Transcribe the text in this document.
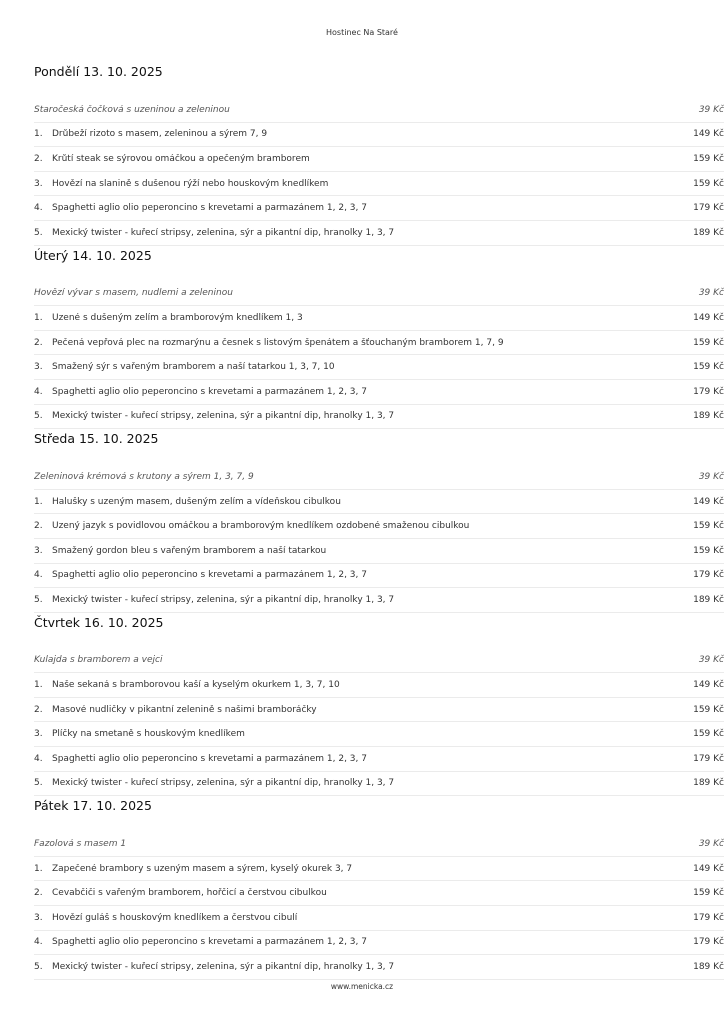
Hostinec Na Staré
Pondělí 13. 10. 2025
Staročeská čočková s uzeninou a zeleninou	39 Kč
1.	Drůbeží rizoto s masem, zeleninou a sýrem 7, 9	149 Kč
2.	Krůtí steak se sýrovou omáčkou a opečeným bramborem	159 Kč
3.	Hovězí na slanině s dušenou rýží nebo houskovým knedlíkem	159 Kč
4.	Spaghetti aglio olio peperoncino s krevetami a parmazánem 1, 2, 3, 7	179 Kč
5.	Mexický twister - kuřecí stripsy, zelenina, sýr a pikantní dip, hranolky 1, 3, 7	189 Kč
Úterý 14. 10. 2025
Hovězí vývar s masem, nudlemi a zeleninou	39 Kč
1.	Uzené s dušeným zelím a bramborovým knedlíkem 1, 3	149 Kč
2.	Pečená vepřová plec na rozmarýnu a česnek s listovým špenátem a šťouchaným bramborem 1, 7, 9	159 Kč
3.	Smažený sýr s vařeným bramborem a naší tatarkou 1, 3, 7, 10	159 Kč
4.	Spaghetti aglio olio peperoncino s krevetami a parmazánem 1, 2, 3, 7	179 Kč
5.	Mexický twister - kuřecí stripsy, zelenina, sýr a pikantní dip, hranolky 1, 3, 7	189 Kč
Středa 15. 10. 2025
Zeleninová krémová s krutony a sýrem 1, 3, 7, 9	39 Kč
1.	Halušky s uzeným masem, dušeným zelím a vídeňskou cibulkou	149 Kč
2.	Uzený jazyk s povidlovou omáčkou a bramborovým knedlíkem ozdobené smaženou cibulkou	159 Kč
3.	Smažený gordon bleu s vařeným bramborem a naší tatarkou	159 Kč
4.	Spaghetti aglio olio peperoncino s krevetami a parmazánem 1, 2, 3, 7	179 Kč
5.	Mexický twister - kuřecí stripsy, zelenina, sýr a pikantní dip, hranolky 1, 3, 7	189 Kč
Čtvrtek 16. 10. 2025
Kulajda s bramborem a vejci	39 Kč
1.	Naše sekaná s bramborovou kaší a kyselým okurkem 1, 3, 7, 10	149 Kč
2.	Masové nudličky v pikantní zelenině s našimi bramboráčky	159 Kč
3.	Plíčky na smetaně s houskovým knedlíkem	159 Kč
4.	Spaghetti aglio olio peperoncino s krevetami a parmazánem 1, 2, 3, 7	179 Kč
5.	Mexický twister - kuřecí stripsy, zelenina, sýr a pikantní dip, hranolky 1, 3, 7	189 Kč
Pátek 17. 10. 2025
Fazolová s masem 1	39 Kč
1.	Zapečené brambory s uzeným masem a sýrem, kyselý okurek 3, 7	149 Kč
2.	Čevabčiči s vařeným bramborem, hořčicí a čerstvou cibulkou	159 Kč
3.	Hovězí guláš s houskovým knedlíkem a čerstvou cibulí	179 Kč
4.	Spaghetti aglio olio peperoncino s krevetami a parmazánem 1, 2, 3, 7	179 Kč
5.	Mexický twister - kuřecí stripsy, zelenina, sýr a pikantní dip, hranolky 1, 3, 7	189 Kč
www.menicka.cz
